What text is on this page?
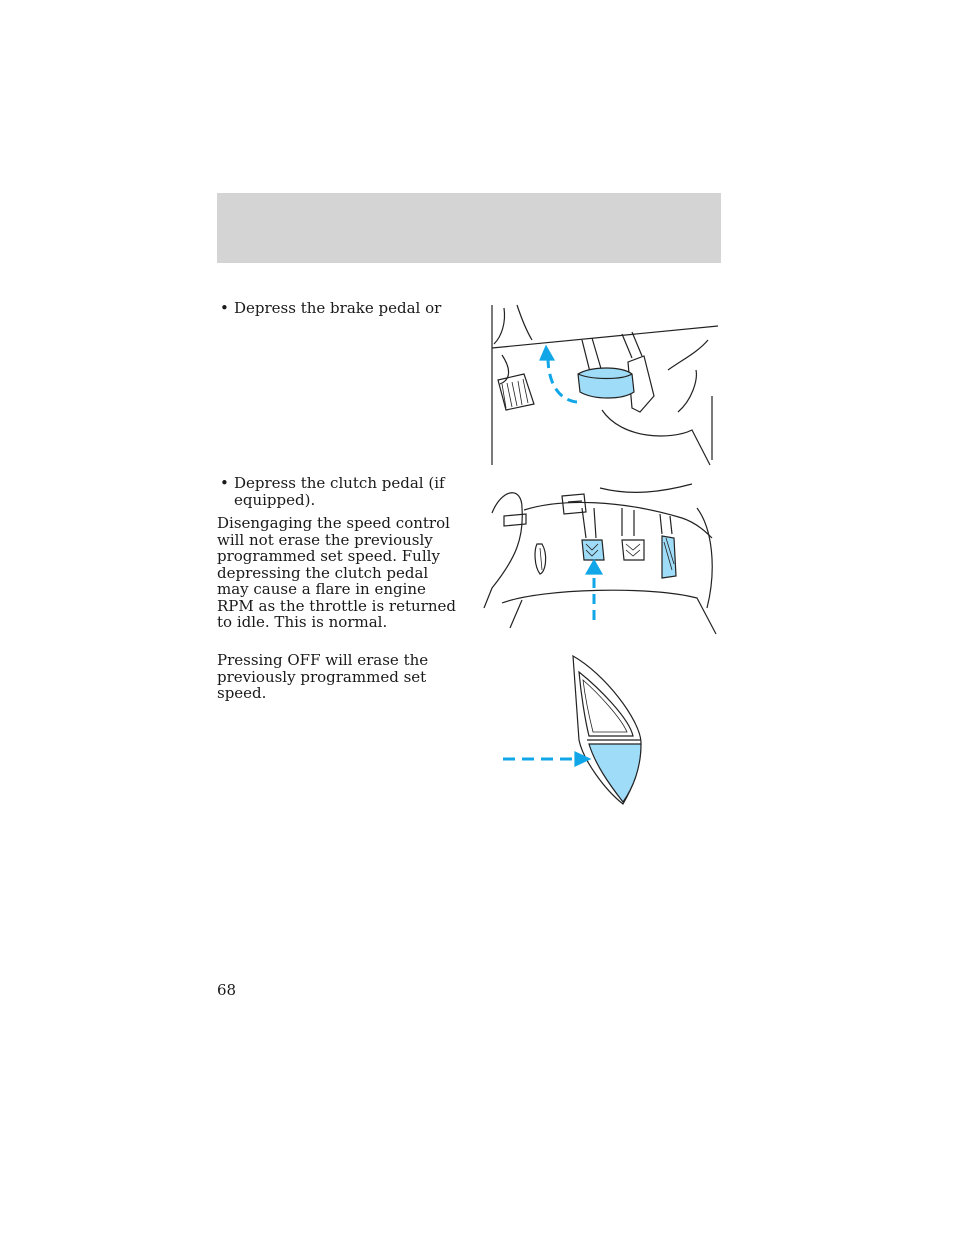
• Depress the brake pedal or
• Depress the clutch pedal (if equipped).
Disengaging the speed control will not erase the previously programmed set speed. Fully depressing the clutch pedal may cause a flare in engine RPM as the throttle is returned to idle. This is normal.
Pressing OFF will erase the previously programmed set speed.
68
